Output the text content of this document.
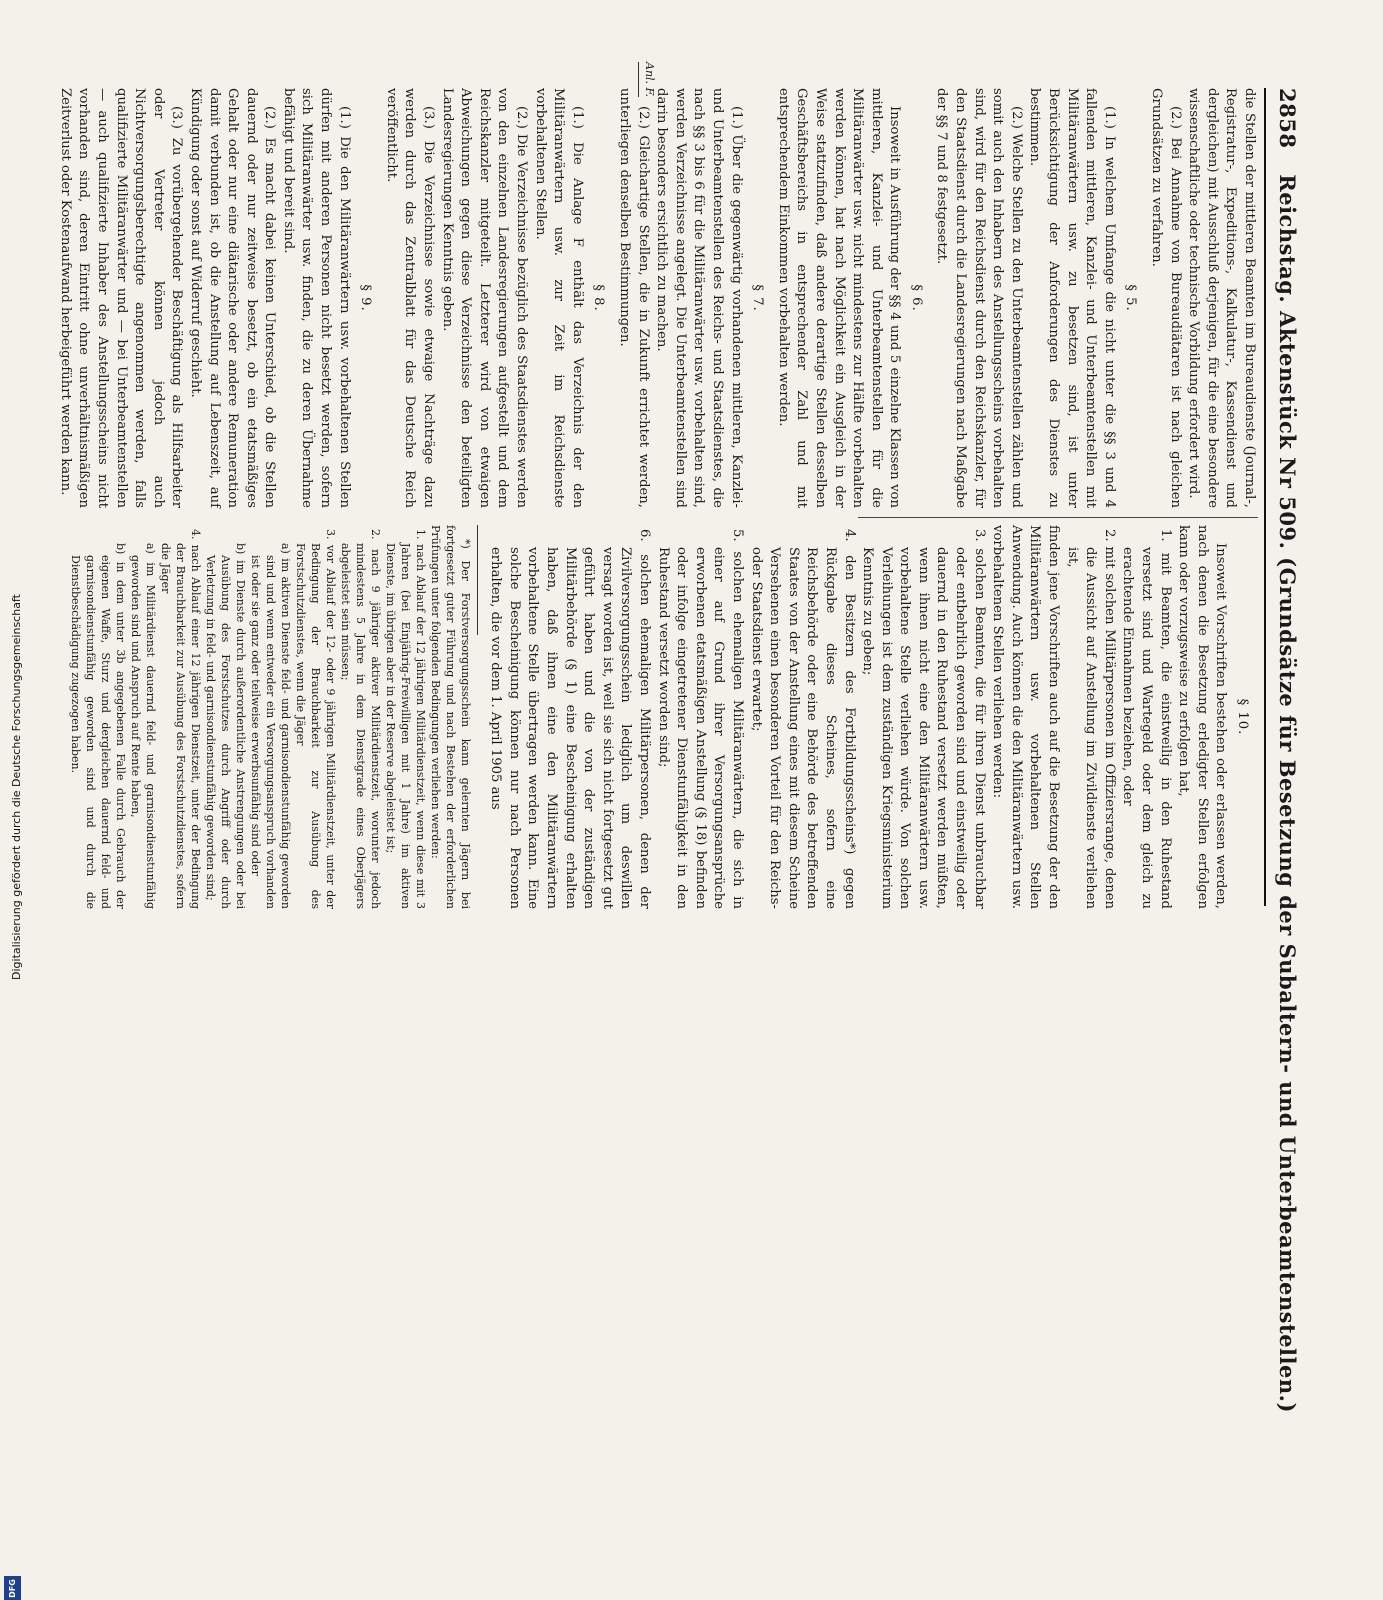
2858 Reichstag. Aktenstück Nr 509. (Grundsätze für Besetzung der Subaltern- und Unterbeamtenstellen.)

die Stellen der mittleren Beamten im Bureaudienste (Journal-, Registratur-, Expeditions-, Kalkulatur-, Kassendienst und dergleichen) mit Ausschluß derjenigen, für die eine besondere wissenschaftliche oder technische Vorbildung erfordert wird.

(2.) Bei Annahme von Bureaudiätaren ist nach gleichen Grundsätzen zu verfahren.

§ 5.

(1.) In welchem Umfange die nicht unter die §§ 3 und 4 fallenden mittleren, Kanzlei- und Unterbeamtenstellen mit Militäranwärtern usw. zu besetzen sind, ist unter Berücksichtigung der Anforderungen des Dienstes zu bestimmen.

(2.) Welche Stellen zu den Unterbeamtenstellen zählen und somit auch den Inhabern des Anstellungsscheins vorbehalten sind, wird für den Reichsdienst durch den Reichskanzler, für den Staatsdienst durch die Landesregierungen nach Maßgabe der §§ 7 und 8 festgesetzt.

§ 6.

Insoweit in Ausführung der §§ 4 und 5 einzelne Klassen von mittleren, Kanzlei- und Unterbeamtenstellen für die Militäranwärter usw. nicht mindestens zur Hälfte vorbehalten werden können, hat nach Möglichkeit ein Ausgleich in der Weise stattzufinden, daß andere derartige Stellen desselben Geschäftsbereichs in entsprechender Zahl und mit entsprechendem Einkommen vorbehalten werden.

§ 7.

(1.) Über die gegenwärtig vorhandenen mittleren, Kanzlei- und Unterbeamtenstellen des Reichs- und Staatsdienstes, die nach §§ 3 bis 6 für die Militäranwärter usw. vorbehalten sind, werden Verzeichnisse angelegt. Die Unterbeamtenstellen sind darin besonders ersichtlich zu machen.

(2.) Gleichartige Stellen, die in Zukunft errichtet werden, unterliegen denselben Bestimmungen.

§ 8.

(1.) Die Anlage F enthält das Verzeichnis der den Militäranwärtern usw. zur Zeit im Reichsdienste vorbehaltenen Stellen.

(2.) Die Verzeichnisse bezüglich des Staatsdienstes werden von den einzelnen Landesregierungen aufgestellt und dem Reichskanzler mitgeteilt. Letzterer wird von etwaigen Abweichungen gegen diese Verzeichnisse den beteiligten Landesregierungen Kenntnis geben.

(3.) Die Verzeichnisse sowie etwaige Nachträge dazu werden durch das Zentralblatt für das Deutsche Reich veröffentlicht.

§ 9.

(1.) Die den Militäranwärtern usw. vorbehaltenen Stellen dürfen mit anderen Personen nicht besetzt werden, sofern sich Militäranwärter usw. finden, die zu deren Übernahme befähigt und bereit sind.

(2.) Es macht dabei keinen Unterschied, ob die Stellen dauernd oder nur zeitweise besetzt, ob ein etatsmäßiges Gehalt oder nur eine diätarische oder andere Remuneration damit verbunden ist, ob die Anstellung auf Lebenszeit, auf Kündigung oder sonst auf Widerruf geschieht.

(3.) Zu vorübergehender Beschäftigung als Hilfsarbeiter oder Vertreter können jedoch auch Nichtversorgungsberechtigte angenommen werden, falls qualifizierte Militäranwärter und — bei Unterbeamtenstellen — auch qualifizierte Inhaber des Anstellungsscheins nicht vorhanden sind, deren Eintritt ohne unverhältnismäßigen Zeitverlust oder Kostenaufwand herbeigeführt werden kann.

Anl. F.
§ 10.

Insoweit Vorschriften bestehen oder erlassen werden, nach denen die Besetzung erledigter Stellen erfolgen kann oder vorzugsweise zu erfolgen hat,

1. mit Beamten, die einstweilig in den Ruhestand versetzt sind und Wartegeld oder dem gleich zu erachtende Einnahmen beziehen, oder

2. mit solchen Militärpersonen im Offiziersrange, denen die Aussicht auf Anstellung im Zivildienste verliehen ist,

finden jene Vorschriften auch auf die Besetzung der den Militäranwärtern usw. vorbehaltenen Stellen Anwendung. Auch können die den Militäranwärtern usw. vorbehaltenen Stellen verliehen werden:

3. solchen Beamten, die für ihren Dienst unbrauchbar oder entbehrlich geworden sind und einstweilig oder dauernd in den Ruhestand versetzt werden müßten, wenn ihnen nicht eine den Militäranwärtern usw. vorbehaltene Stelle verliehen würde. Von solchen Verleihungen ist dem zuständigen Kriegsministerium Kenntnis zu geben;

4. den Besitzern des Fortbildungsscheins*) gegen Rückgabe dieses Scheines, sofern eine Reichsbehörde oder eine Behörde des betreffenden Staates von der Anstellung eines mit diesem Scheine Versehenen einen besonderen Vorteil für den Reichs- oder Staatsdienst erwartet;

5. solchen ehemaligen Militäranwärtern, die sich in einer auf Grund ihrer Versorgungsansprüche erworbenen etatsmäßigen Anstellung (§ 18) befinden oder infolge eingetretener Dienstunfähigkeit in den Ruhestand versetzt worden sind;

6. solchen ehemaligen Militärpersonen, denen der Zivilversorgungsschein lediglich um deswillen versagt worden ist, weil sie sich nicht fortgesetzt gut geführt haben und die von der zuständigen Militärbehörde (§ 1) eine Bescheinigung erhalten haben, daß ihnen eine den Militäranwärtern vorbehaltene Stelle übertragen werden kann. Eine solche Bescheinigung können nur nach Personen erhalten, die vor dem 1. April 1905 aus

*) Der Forstversorgungsschein kann gelernten Jägern bei fortgesetzt guter Führung und nach Bestehen der erforderlichen Prüfungen unter folgenden Bedingungen verliehen werden:

1. nach Ablauf der 12 jährigen Militärdienstzeit, wenn diese mit 3 Jahren (bei Einjährig-Freiwilligen mit 1 Jahre) im aktiven Dienste, im übrigen aber in der Reserve abgeleistet ist;

2. nach 9 jähriger aktiver Militärdienstzeit, worunter jedoch mindestens 5 Jahre in dem Dienstgrade eines Oberjägers abgeleistet sein müssen;

3. vor Ablauf der 12- oder 9 jährigen Militärdienstzeit, unter der Bedingung der Brauchbarkeit zur Ausübung des Forstschutzdienstes, wenn die Jäger

a) im aktiven Dienste feld- und garnisondienstunfähig geworden sind und wenn entweder ein Versorgungsanspruch vorhanden ist oder sie ganz oder teilweise erwerbsunfähig sind oder

b) im Dienste durch außerordentliche Anstrengungen oder bei Ausübung des Forstschutzes durch Angriff oder durch Verletzung in feld- und garnisondienstunfähig geworden sind;

4. nach Ablauf einer 12 jährigen Dienstzeit, unter der Bedingung der Brauchbarkeit zur Ausübung des Forstschutzdienstes, sofern die Jäger

a) im Militärdienst dauernd feld- und garnisondienstunfähig geworden sind und Anspruch auf Rente haben,

b) in dem unter 3b angegebenen Falle durch Gebrauch der eigenen Waffe, Sturz und dergleichen dauernd feld- und garnisondienstunfähig geworden sind und durch die Dienstbeschädigung zugezogen haben.

DFG
Digitalisierung gefördert durch die Deutsche Forschungsgemeinschaft
